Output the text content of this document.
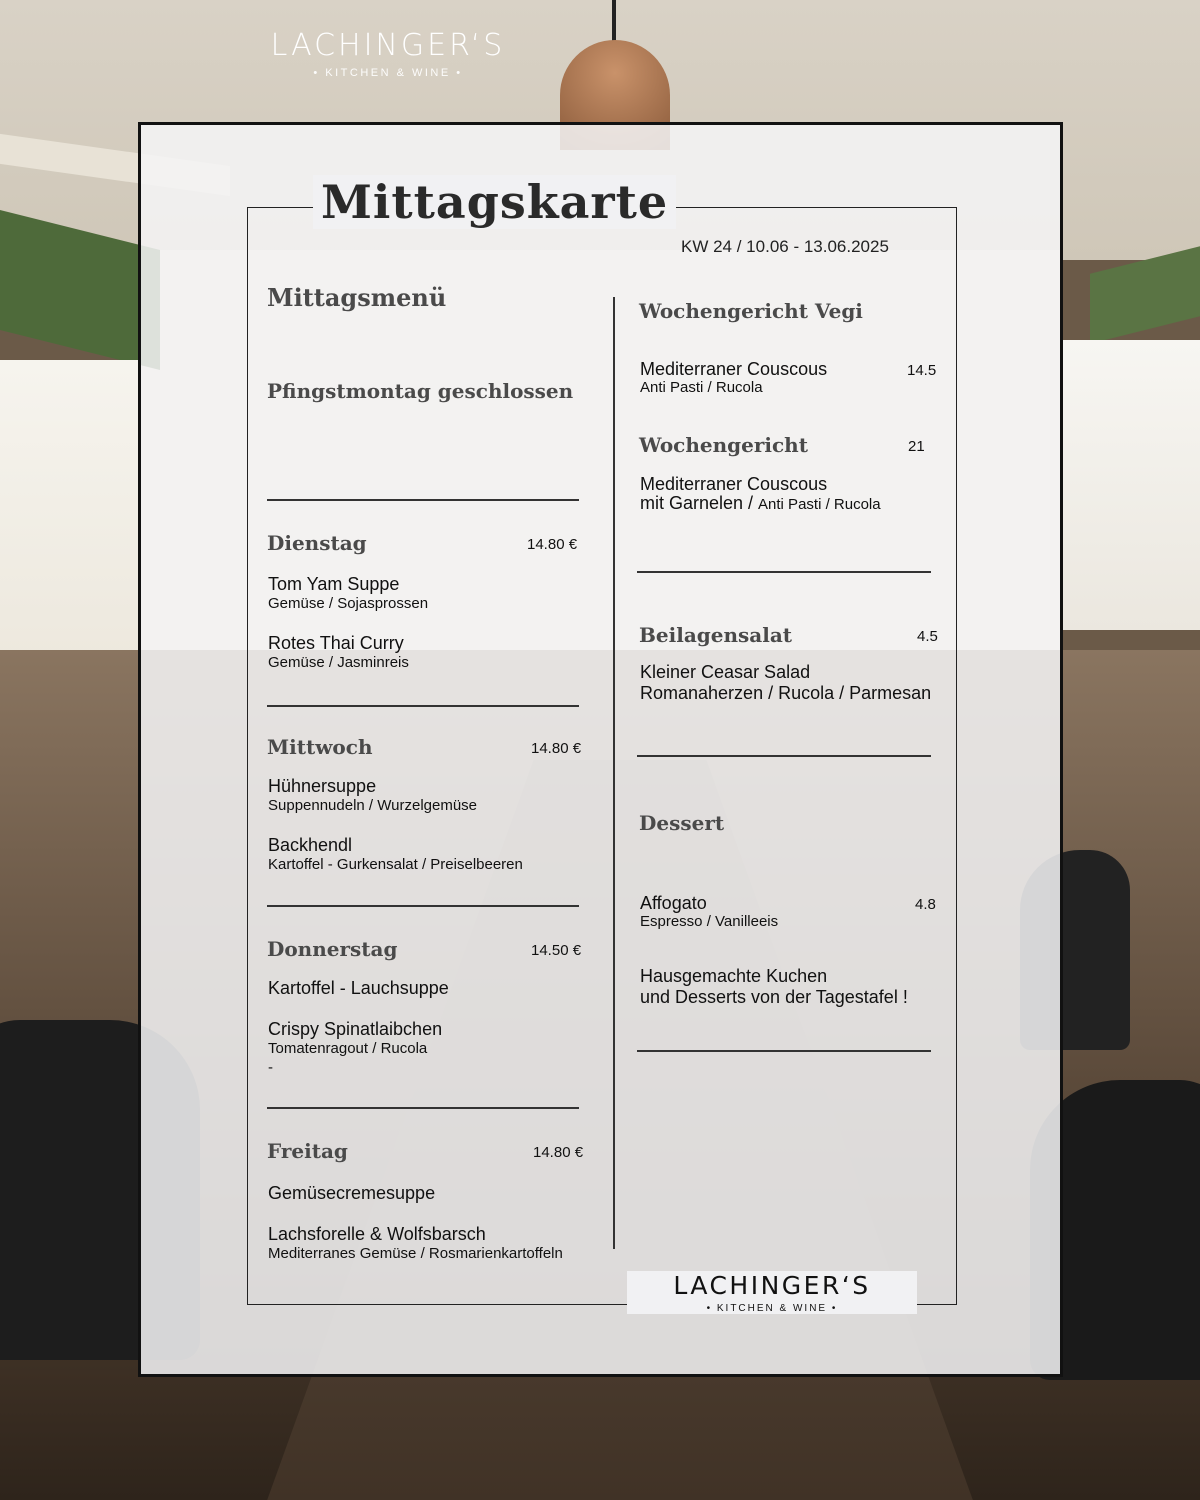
LACHINGER‘S
• KITCHEN & WINE •
Mittagskarte
KW 24 / 10.06 - 13.06.2025
Mittagsmenü
Pfingstmontag geschlossen
Dienstag	14.80 €
Tom Yam Suppe
Gemüse / Sojasprossen
Rotes Thai Curry
Gemüse / Jasminreis
Mittwoch	14.80 €
Hühnersuppe
Suppennudeln / Wurzelgemüse
Backhendl
Kartoffel - Gurkensalat / Preiselbeeren
Donnerstag	14.50 €
Kartoffel - Lauchsuppe
Crispy Spinatlaibchen
Tomatenragout / Rucola
-
Freitag	14.80 €
Gemüsecremesuppe
Lachsforelle & Wolfsbarsch
Mediterranes Gemüse / Rosmarienkartoffeln
Wochengericht Vegi
Mediterraner Couscous	14.5
Anti Pasti / Rucola
Wochengericht	21
Mediterraner Couscous
mit Garnelen / Anti Pasti / Rucola
Beilagensalat	4.5
Kleiner Ceasar Salad
Romanaherzen / Rucola / Parmesan
Dessert
Affogato	4.8
Espresso / Vanilleeis
Hausgemachte Kuchen
und Desserts von der Tagestafel !
LACHINGER‘S
• KITCHEN & WINE •
